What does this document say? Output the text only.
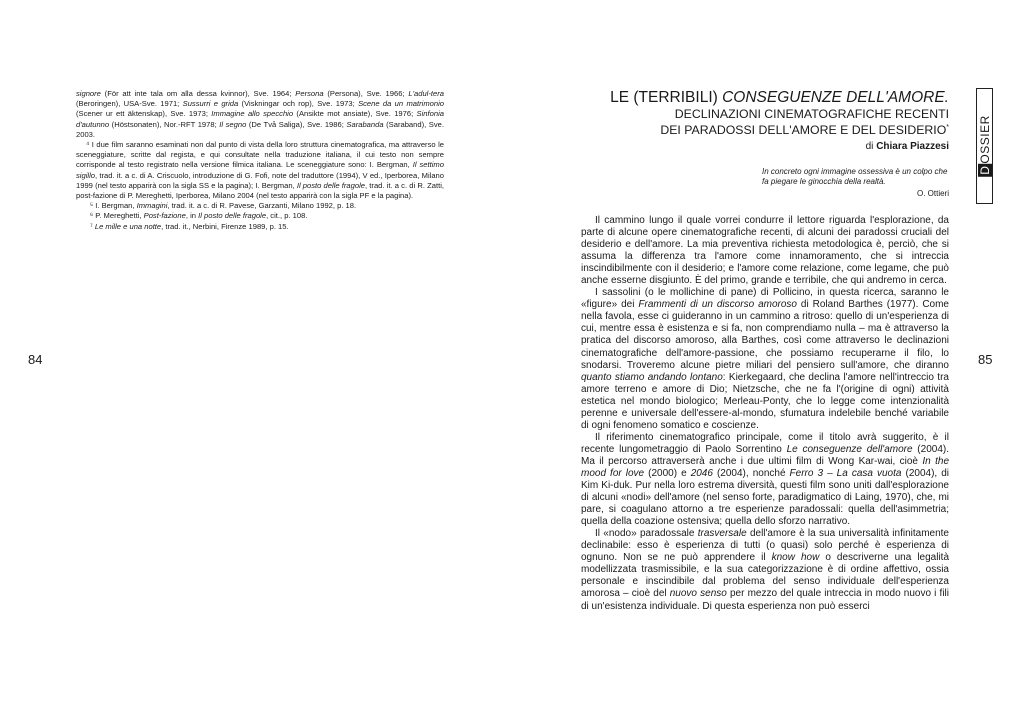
84	85

signore (För att inte tala om alla dessa kvinnor), Sve. 1964; Persona (Persona), Sve. 1966; L'adul-tera (Beroringen), USA-Sve. 1971; Sussurri e grida (Viskningar och rop), Sve. 1973; Scene da un matrimonio (Scener ur ett äktenskap), Sve. 1973; Immagine allo specchio (Ansikte mot ansiate), Sve. 1976; Sinfonia d'autunno (Höstsonaten), Nor.-RFT 1978; Il segno (De Två Saliga), Sve. 1986; Sarabanda (Saraband), Sve. 2003.

⁴ I due film saranno esaminati non dal punto di vista della loro struttura cinematografica, ma attraverso le sceneggiature, scritte dal regista, e qui consultate nella traduzione italiana, il cui testo non sempre corrisponde al testo registrato nella versione filmica italiana. Le sceneggiature sono: I. Bergman, Il settimo sigillo, trad. it. a c. di A. Criscuolo, introduzione di G. Fofi, note del traduttore (1994), V ed., Iperborea, Milano 1999 (nel testo apparirà con la sigla SS e la pagina); I. Bergman, Il posto delle fragole, trad. it. a c. di R. Zatti, post-fazione di P. Mereghetti, Iperborea, Milano 2004 (nel testo apparirà con la sigla PF e la pagina).

⁵ I. Bergman, Immagini, trad. it. a c. di R. Pavese, Garzanti, Milano 1992, p. 18.

⁶ P. Mereghetti, Post-fazione, in Il posto delle fragole, cit., p. 108.

⁷ Le mille e una notte, trad. it., Nerbini, Firenze 1989, p. 15.

DOSSIER

LE (TERRIBILI) CONSEGUENZE DELL'AMORE.

DECLINAZIONI CINEMATOGRAFICHE RECENTI

DEI PARADOSSI DELL'AMORE E DEL DESIDERIO*

di Chiara Piazzesi
In concreto ogni immagine ossessiva è un colpo che fa piegare le ginocchia della realtà.
O. Ottieri

Il cammino lungo il quale vorrei condurre il lettore riguarda l'esplorazione, da parte di alcune opere cinematografiche recenti, di alcuni dei paradossi cruciali del desiderio e dell'amore. La mia preventiva richiesta metodologica è, perciò, che si assuma la differenza tra l'amore come innamoramento, che si intreccia inscindibilmente con il desiderio; e l'amore come relazione, come legame, che può anche esserne disgiunto. È del primo, grande e terribile, che qui andremo in cerca.

I sassolini (o le mollichine di pane) di Pollicino, in questa ricerca, saranno le «figure» dei Frammenti di un discorso amoroso di Roland Barthes (1977). Come nella favola, esse ci guideranno in un cammino a ritroso: quello di un'esperienza di cui, mentre essa è esistenza e si fa, non comprendiamo nulla – ma è attraverso la pratica del discorso amoroso, alla Barthes, così come attraverso le declinazioni cinematografiche dell'amore-passione, che possiamo recuperarne il filo, lo snodarsi. Troveremo alcune pietre miliari del pensiero sull'amore, che diranno quanto stiamo andando lontano: Kierkegaard, che declina l'amore nell'intreccio tra amore terreno e amore di Dio; Nietzsche, che ne fa l'(origine di ogni) attività estetica nel mondo biologico; Merleau-Ponty, che lo legge come intenzionalità perenne e universale dell'essere-al-mondo, sfumatura indelebile benché variabile di ogni fenomeno somatico e coscienze.

Il riferimento cinematografico principale, come il titolo avrà suggerito, è il recente lungometraggio di Paolo Sorrentino Le conseguenze dell'amore (2004). Ma il percorso attraverserà anche i due ultimi film di Wong Kar-wai, cioè In the mood for love (2000) e 2046 (2004), nonché Ferro 3 – La casa vuota (2004), di Kim Ki-duk. Pur nella loro estrema diversità, questi film sono uniti dall'esplorazione di alcuni «nodi» dell'amore (nel senso forte, paradigmatico di Laing, 1970), che, mi pare, si coagulano attorno a tre esperienze paradossali: quella dell'asimmetria; quella della coazione ostensiva; quella dello sforzo narrativo.

Il «nodo» paradossale trasversale dell'amore è la sua universalità infinitamente declinabile: esso è esperienza di tutti (o quasi) solo perché è esperienza di ognuno. Non se ne può apprendere il know how o descriverne una legalità modellizzata trasmissibile, e la sua categorizzazione è di ordine affettivo, ossia personale e inscindibile dal problema del senso individuale dell'esperienza amorosa – cioè del nuovo senso per mezzo del quale intreccia in modo nuovo i fili di un'esistenza individuale. Di questa esperienza non può esserci
